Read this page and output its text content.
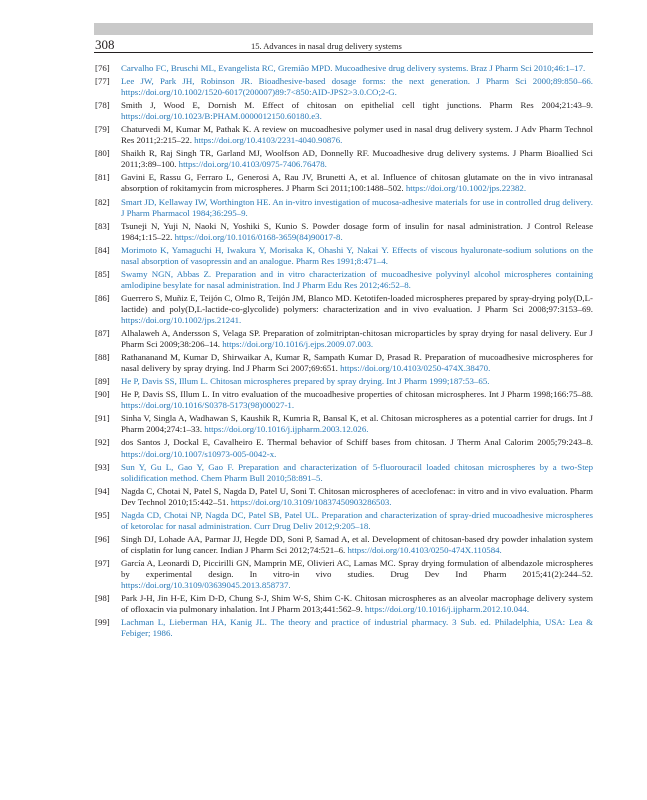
308	15. Advances in nasal drug delivery systems
[76] Carvalho FC, Bruschi ML, Evangelista RC, Gremião MPD. Mucoadhesive drug delivery systems. Braz J Pharm Sci 2010;46:1–17.
[77] Lee JW, Park JH, Robinson JR. Bioadhesive-based dosage forms: the next generation. J Pharm Sci 2000;89:850–66. https://doi.org/10.1002/1520-6017(200007)89:7<850:AID-JPS2>3.0.CO;2-G.
[78] Smith J, Wood E, Dornish M. Effect of chitosan on epithelial cell tight junctions. Pharm Res 2004;21:43–9. https://doi.org/10.1023/B:PHAM.0000012150.60180.e3.
[79] Chaturvedi M, Kumar M, Pathak K. A review on mucoadhesive polymer used in nasal drug delivery system. J Adv Pharm Technol Res 2011;2:215–22. https://doi.org/10.4103/2231-4040.90876.
[80] Shaikh R, Raj Singh TR, Garland MJ, Woolfson AD, Donnelly RF. Mucoadhesive drug delivery systems. J Pharm Bioallied Sci 2011;3:89–100. https://doi.org/10.4103/0975-7406.76478.
[81] Gavini E, Rassu G, Ferraro L, Generosi A, Rau JV, Brunetti A, et al. Influence of chitosan glutamate on the in vivo intranasal absorption of rokitamycin from microspheres. J Pharm Sci 2011;100:1488–502. https://doi.org/10.1002/jps.22382.
[82] Smart JD, Kellaway IW, Worthington HE. An in-vitro investigation of mucosa-adhesive materials for use in controlled drug delivery. J Pharm Pharmacol 1984;36:295–9.
[83] Tsuneji N, Yuji N, Naoki N, Yoshiki S, Kunio S. Powder dosage form of insulin for nasal administration. J Control Release 1984;1:15–22. https://doi.org/10.1016/0168-3659(84)90017-8.
[84] Morimoto K, Yamaguchi H, Iwakura Y, Morisaka K, Ohashi Y, Nakai Y. Effects of viscous hyaluronate-sodium solutions on the nasal absorption of vasopressin and an analogue. Pharm Res 1991;8:471–4.
[85] Swamy NGN, Abbas Z. Preparation and in vitro characterization of mucoadhesive polyvinyl alcohol microspheres containing amlodipine besylate for nasal administration. Ind J Pharm Edu Res 2012;46:52–8.
[86] Guerrero S, Muñiz E, Teijón C, Olmo R, Teijón JM, Blanco MD. Ketotifen-loaded microspheres prepared by spray-drying poly(D,L-lactide) and poly(D,L-lactide-co-glycolide) polymers: characterization and in vivo evaluation. J Pharm Sci 2008;97:3153–69. https://doi.org/10.1002/jps.21241.
[87] Alhalaweh A, Andersson S, Velaga SP. Preparation of zolmitriptan-chitosan microparticles by spray drying for nasal delivery. Eur J Pharm Sci 2009;38:206–14. https://doi.org/10.1016/j.ejps.2009.07.003.
[88] Rathananand M, Kumar D, Shirwaikar A, Kumar R, Sampath Kumar D, Prasad R. Preparation of mucoadhesive microspheres for nasal delivery by spray drying. Ind J Pharm Sci 2007;69:651. https://doi.org/10.4103/0250-474X.38470.
[89] He P, Davis SS, Illum L. Chitosan microspheres prepared by spray drying. Int J Pharm 1999;187:53–65.
[90] He P, Davis SS, Illum L. In vitro evaluation of the mucoadhesive properties of chitosan microspheres. Int J Pharm 1998;166:75–88. https://doi.org/10.1016/S0378-5173(98)00027-1.
[91] Sinha V, Singla A, Wadhawan S, Kaushik R, Kumria R, Bansal K, et al. Chitosan microspheres as a potential carrier for drugs. Int J Pharm 2004;274:1–33. https://doi.org/10.1016/j.ijpharm.2003.12.026.
[92] dos Santos J, Dockal E, Cavalheiro E. Thermal behavior of Schiff bases from chitosan. J Therm Anal Calorim 2005;79:243–8. https://doi.org/10.1007/s10973-005-0042-x.
[93] Sun Y, Gu L, Gao Y, Gao F. Preparation and characterization of 5-fluorouracil loaded chitosan microspheres by a two-Step solidification method. Chem Pharm Bull 2010;58:891–5.
[94] Nagda C, Chotai N, Patel S, Nagda D, Patel U, Soni T. Chitosan microspheres of aceclofenac: in vitro and in vivo evaluation. Pharm Dev Technol 2010;15:442–51. https://doi.org/10.3109/10837450903286503.
[95] Nagda CD, Chotai NP, Nagda DC, Patel SB, Patel UL. Preparation and characterization of spray-dried mucoadhesive microspheres of ketorolac for nasal administration. Curr Drug Deliv 2012;9:205–18.
[96] Singh DJ, Lohade AA, Parmar JJ, Hegde DD, Soni P, Samad A, et al. Development of chitosan-based dry powder inhalation system of cisplatin for lung cancer. Indian J Pharm Sci 2012;74:521–6. https://doi.org/10.4103/0250-474X.110584.
[97] García A, Leonardi D, Piccirilli GN, Mamprin ME, Olivieri AC, Lamas MC. Spray drying formulation of albendazole microspheres by experimental design. In vitro-in vivo studies. Drug Dev Ind Pharm 2015;41(2):244–52. https://doi.org/10.3109/03639045.2013.858737.
[98] Park J-H, Jin H-E, Kim D-D, Chung S-J, Shim W-S, Shim C-K. Chitosan microspheres as an alveolar macrophage delivery system of ofloxacin via pulmonary inhalation. Int J Pharm 2013;441:562–9. https://doi.org/10.1016/j.ijpharm.2012.10.044.
[99] Lachman L, Lieberman HA, Kanig JL. The theory and practice of industrial pharmacy. 3 Sub. ed. Philadelphia, USA: Lea & Febiger; 1986.
